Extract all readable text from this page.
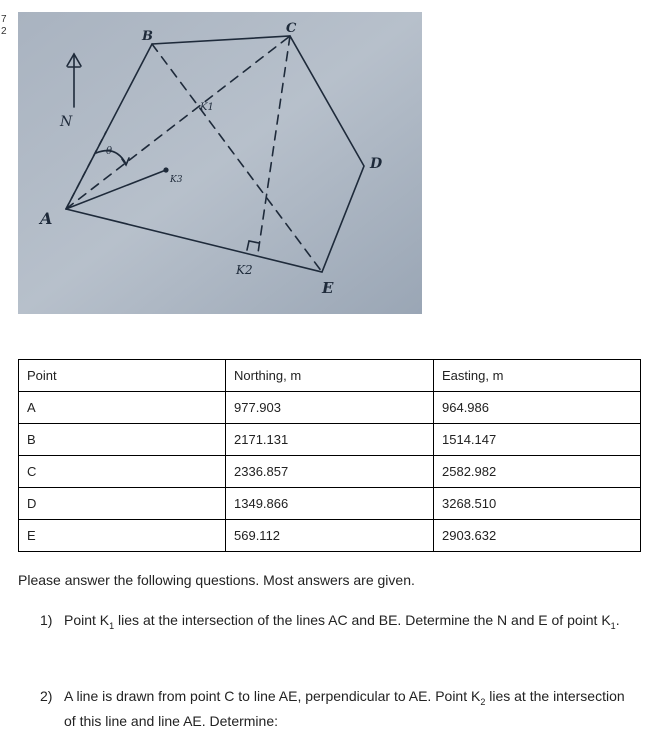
N
A
B
C
D
E
K1
K2
K3
θ
7 2
Point	Northing, m	Easting, m
A	977.903	964.986
B	2171.131	1514.147
C	2336.857	2582.982
D	1349.866	3268.510
E	569.112	2903.632
Please answer the following questions. Most answers are given.
1) Point $K_1$ lies at the intersection of the lines AC and BE. Determine the N and E of point $K_1$.
2) A line is drawn from point C to line AE, perpendicular to AE. Point $K_2$ lies at the intersection of this line and line AE. Determine:
